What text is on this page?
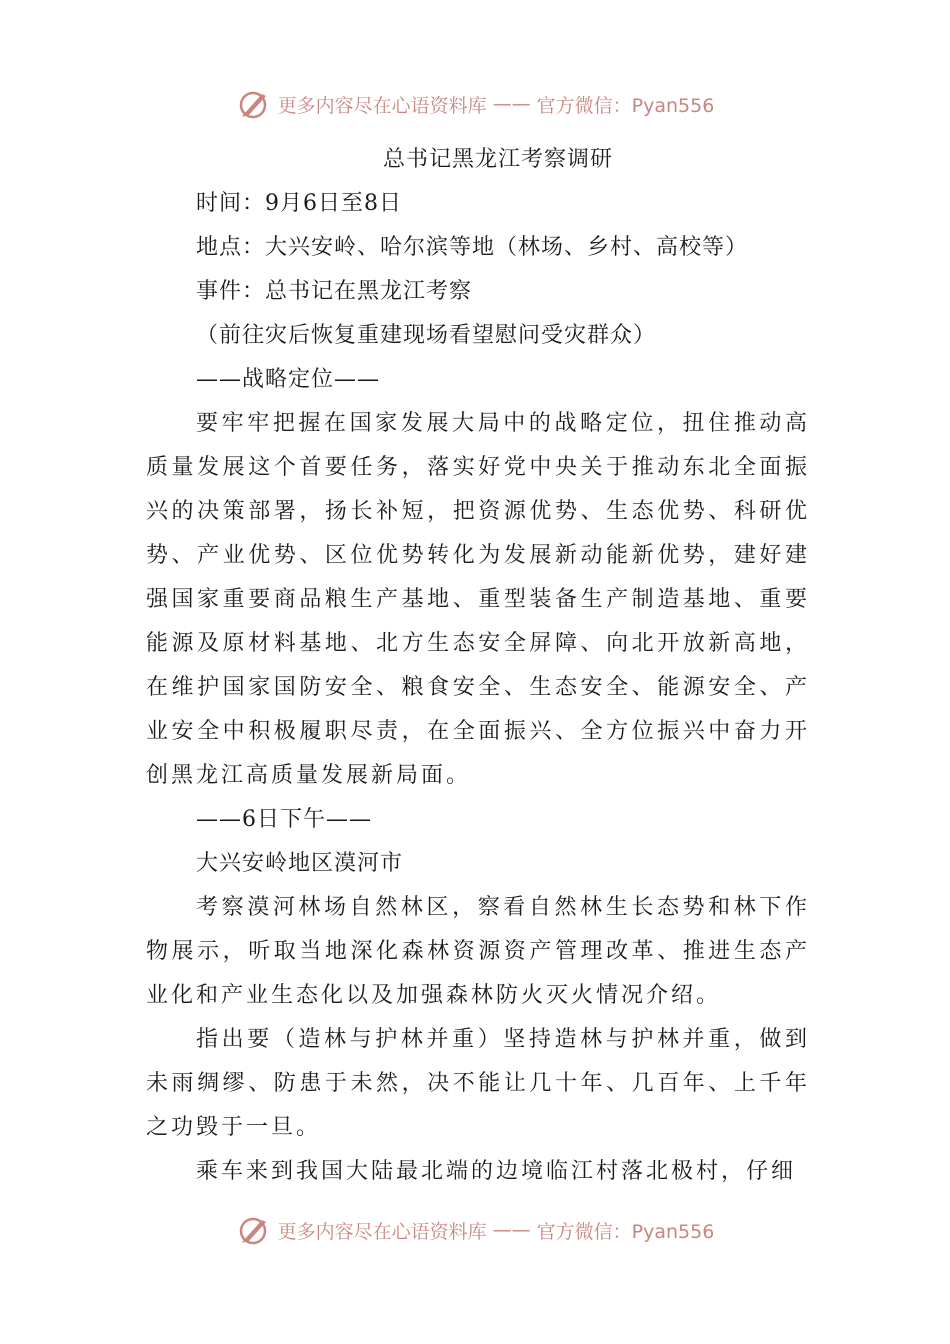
更多内容尽在心语资料库 —— 官方微信：Pyan556
总书记黑龙江考察调研
时间：9月6日至8日
地点：大兴安岭、哈尔滨等地（林场、乡村、高校等）
事件：总书记在黑龙江考察
（前往灾后恢复重建现场看望慰问受灾群众）
——战略定位——

要牢牢把握在国家发展大局中的战略定位，扭住推动高质量发展这个首要任务，落实好党中央关于推动东北全面振兴的决策部署，扬长补短，把资源优势、生态优势、科研优势、产业优势、区位优势转化为发展新动能新优势，建好建强国家重要商品粮生产基地、重型装备生产制造基地、重要能源及原材料基地、北方生态安全屏障、向北开放新高地，在维护国家国防安全、粮食安全、生态安全、能源安全、产业安全中积极履职尽责，在全面振兴、全方位振兴中奋力开创黑龙江高质量发展新局面。

——6日下午——
大兴安岭地区漠河市

考察漠河林场自然林区，察看自然林生长态势和林下作物展示，听取当地深化森林资源资产管理改革、推进生态产业化和产业生态化以及加强森林防火灭火情况介绍。

指出要（造林与护林并重）坚持造林与护林并重，做到未雨绸缪、防患于未然，决不能让几十年、几百年、上千年之功毁于一旦。

乘车来到我国大陆最北端的边境临江村落北极村，仔细

更多内容尽在心语资料库 —— 官方微信：Pyan556
